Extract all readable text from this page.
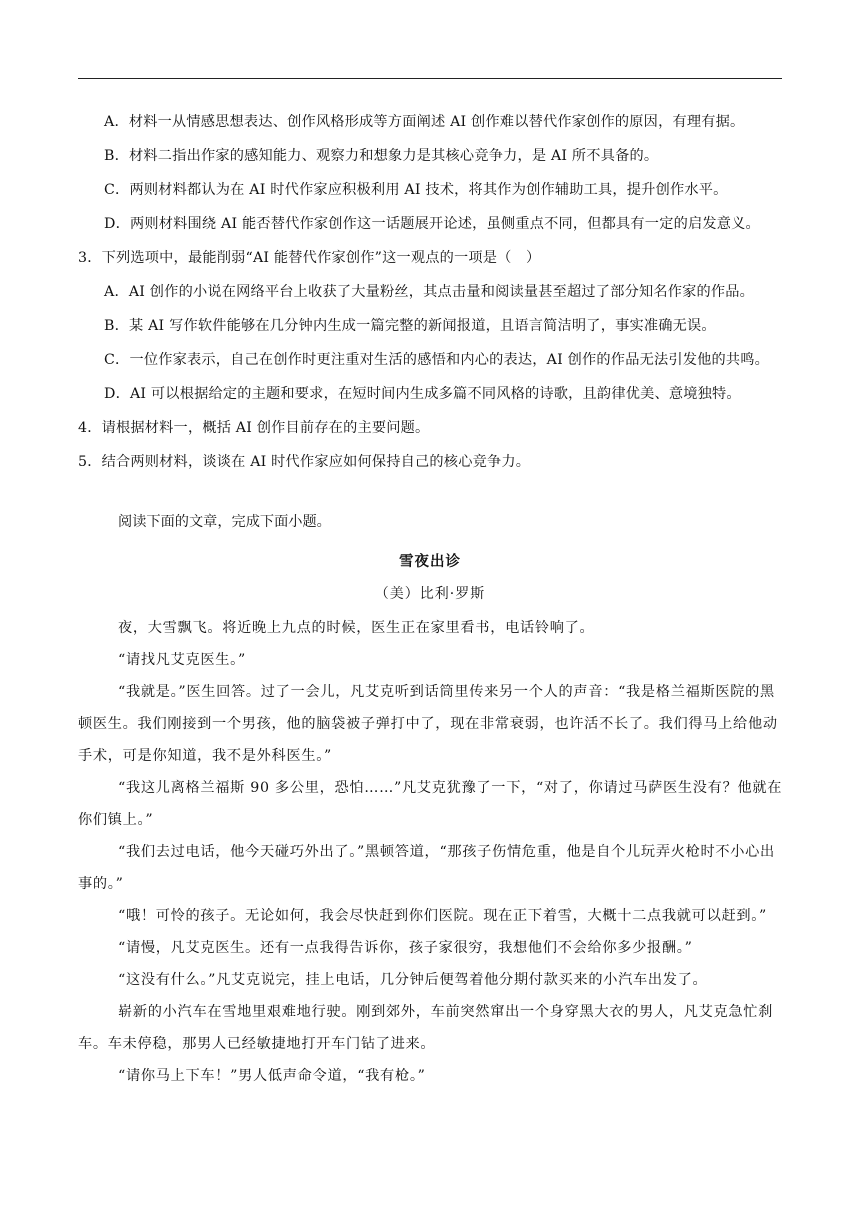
A．材料一从情感思想表达、创作风格形成等方面阐述 AI 创作难以替代作家创作的原因，有理有据。
B．材料二指出作家的感知能力、观察力和想象力是其核心竞争力，是 AI 所不具备的。
C．两则材料都认为在 AI 时代作家应积极利用 AI 技术，将其作为创作辅助工具，提升创作水平。
D．两则材料围绕 AI 能否替代作家创作这一话题展开论述，虽侧重点不同，但都具有一定的启发意义。
3．下列选项中，最能削弱“AI 能替代作家创作”这一观点的一项是（　）
A．AI 创作的小说在网络平台上收获了大量粉丝，其点击量和阅读量甚至超过了部分知名作家的作品。
B．某 AI 写作软件能够在几分钟内生成一篇完整的新闻报道，且语言简洁明了，事实准确无误。
C．一位作家表示，自己在创作时更注重对生活的感悟和内心的表达，AI 创作的作品无法引发他的共鸣。
D．AI 可以根据给定的主题和要求，在短时间内生成多篇不同风格的诗歌，且韵律优美、意境独特。
4．请根据材料一，概括 AI 创作目前存在的主要问题。
5．结合两则材料，谈谈在 AI 时代作家应如何保持自己的核心竞争力。
阅读下面的文章，完成下面小题。
雪夜出诊
（美）比利·罗斯

夜，大雪飘飞。将近晚上九点的时候，医生正在家里看书，电话铃响了。

“请找凡艾克医生。”

“我就是。”医生回答。过了一会儿，凡艾克听到话筒里传来另一个人的声音：“我是格兰福斯医院的黑顿医生。我们刚接到一个男孩，他的脑袋被子弹打中了，现在非常衰弱，也许活不长了。我们得马上给他动手术，可是你知道，我不是外科医生。”

“我这儿离格兰福斯 90 多公里，恐怕……”凡艾克犹豫了一下，“对了，你请过马萨医生没有？他就在你们镇上。”

“我们去过电话，他今天碰巧外出了。”黑顿答道，“那孩子伤情危重，他是自个儿玩弄火枪时不小心出事的。”

“哦！可怜的孩子。无论如何，我会尽快赶到你们医院。现在正下着雪，大概十二点我就可以赶到。”

“请慢，凡艾克医生。还有一点我得告诉你，孩子家很穷，我想他们不会给你多少报酬。”

“这没有什么。”凡艾克说完，挂上电话，几分钟后便驾着他分期付款买来的小汽车出发了。

崭新的小汽车在雪地里艰难地行驶。刚到郊外，车前突然窜出一个身穿黑大衣的男人，凡艾克急忙刹车。车未停稳，那男人已经敏捷地打开车门钻了进来。

“请你马上下车！”男人低声命令道，“我有枪。”
